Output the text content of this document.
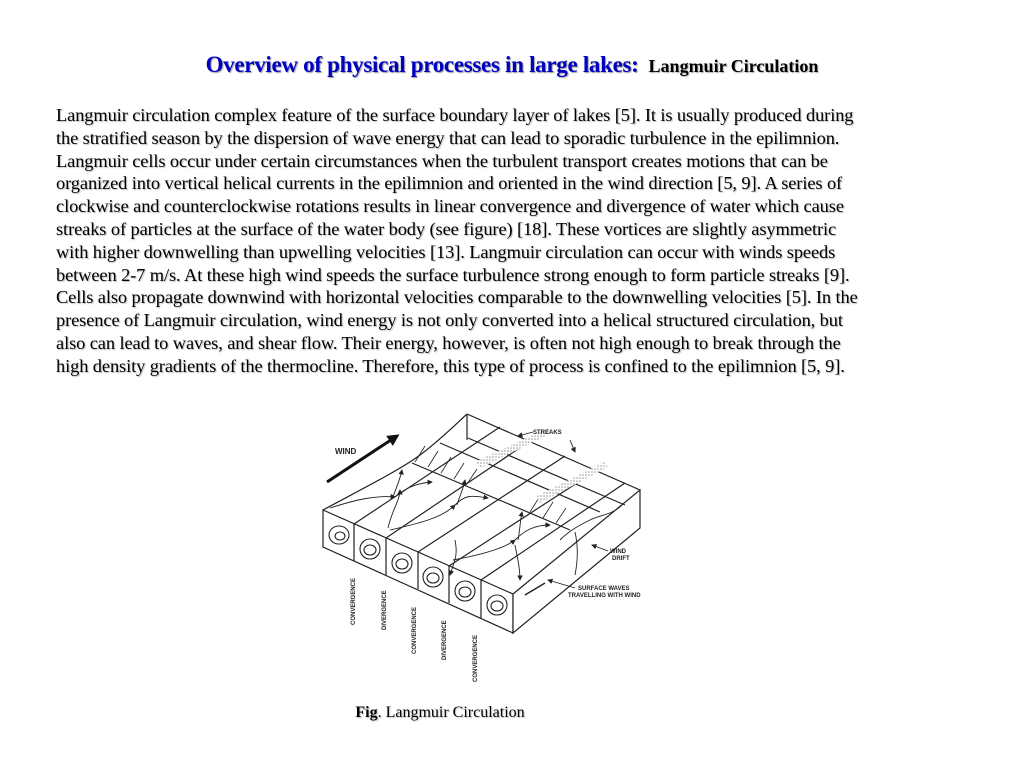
Overview of physical processes in large lakes: Langmuir Circulation
Langmuir circulation complex feature of the surface boundary layer of lakes [5]. It is usually produced during
the stratified season by the dispersion of wave energy that can lead to sporadic turbulence in the epilimnion.
Langmuir cells occur under certain circumstances when the turbulent transport creates motions that can be
organized into vertical helical currents in the epilimnion and oriented in the wind direction [5, 9]. A series of
clockwise and counterclockwise rotations results in linear convergence and divergence of water which cause
streaks of particles at the surface of the water body (see figure) [18]. These vortices are slightly asymmetric
with higher downwelling than upwelling velocities [13]. Langmuir circulation can occur with winds speeds
between 2-7 m/s. At these high wind speeds the surface turbulence strong enough to form particle streaks [9].
Cells also propagate downwind with horizontal velocities comparable to the downwelling velocities [5]. In the
presence of Langmuir circulation, wind energy is not only converted into a helical structured circulation, but
also can lead to waves, and shear flow. Their energy, however, is often not high enough to break through the
high density gradients of the thermocline. Therefore, this type of process is confined to the epilimnion [5, 9].
WIND
STREAKS
WIND
DRIFT
SURFACE WAVES
TRAVELLING WITH WIND
CONVERGENCE	DIVERGENCE	CONVERGENCE	DIVERGENCE	CONVERGENCE
Fig. Langmuir Circulation
